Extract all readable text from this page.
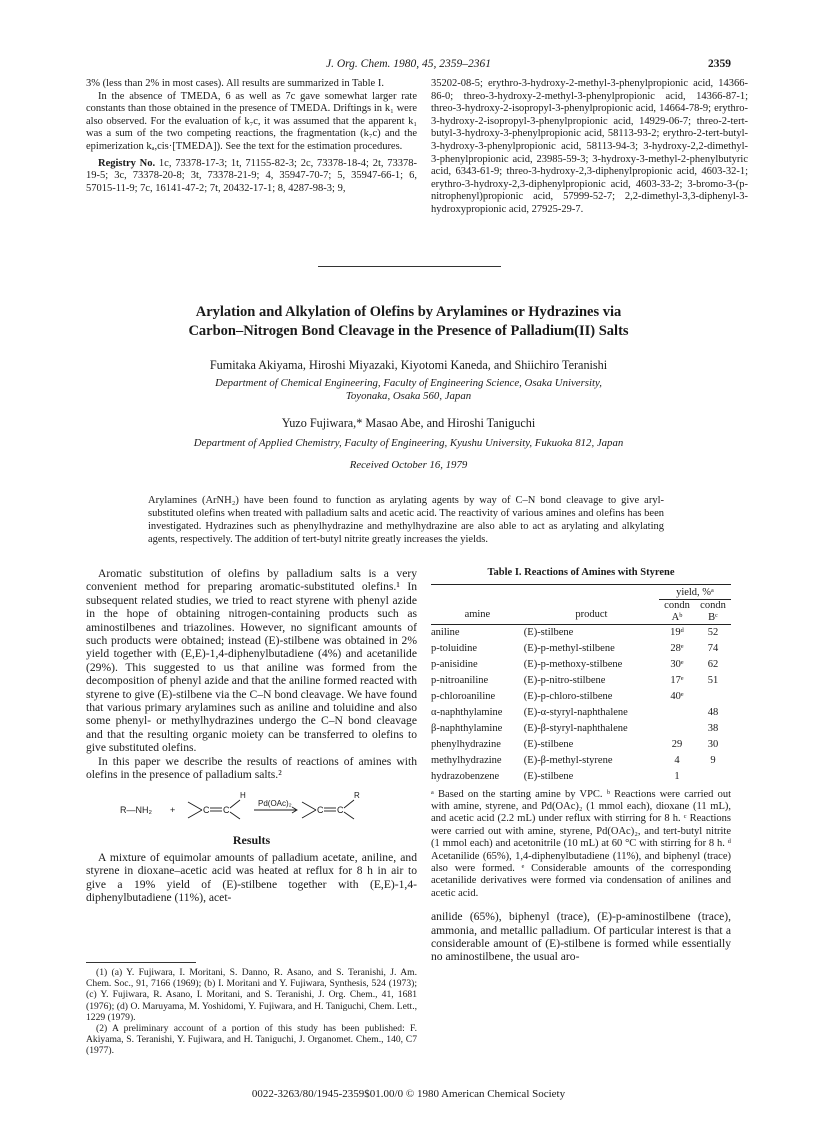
J. Org. Chem. 1980, 45, 2359–2361	2359

3% (less than 2% in most cases). All results are summarized in Table I.

In the absence of TMEDA, 6 as well as 7c gave somewhat larger rate constants than those obtained in the presence of TMEDA. Driftings in k₁ were also observed. For the evaluation of k₇c, it was assumed that the apparent k₁ was a sum of the two competing reactions, the fragmentation (k₇c) and the epimerization kₐ,cis·[TMEDA]). See the text for the estimation procedures.

Registry No. 1c, 73378-17-3; 1t, 71155-82-3; 2c, 73378-18-4; 2t, 73378-19-5; 3c, 73378-20-8; 3t, 73378-21-9; 4, 35947-70-7; 5, 35947-66-1; 6, 57015-11-9; 7c, 16141-47-2; 7t, 20432-17-1; 8, 4287-98-3; 9,

35202-08-5; erythro-3-hydroxy-2-methyl-3-phenylpropionic acid, 14366-86-0; threo-3-hydroxy-2-methyl-3-phenylpropionic acid, 14366-87-1; threo-3-hydroxy-2-isopropyl-3-phenylpropionic acid, 14664-78-9; erythro-3-hydroxy-2-isopropyl-3-phenylpropionic acid, 14929-06-7; threo-2-tert-butyl-3-hydroxy-3-phenylpropionic acid, 58113-93-2; erythro-2-tert-butyl-3-hydroxy-3-phenylpropionic acid, 58113-94-3; 3-hydroxy-2,2-dimethyl-3-phenylpropionic acid, 23985-59-3; 3-hydroxy-3-methyl-2-phenylbutyric acid, 6343-61-9; threo-3-hydroxy-2,3-diphenylpropionic acid, 4603-32-1; erythro-3-hydroxy-2,3-diphenylpropionic acid, 4603-33-2; 3-bromo-3-(p-nitrophenyl)propionic acid, 57999-52-7; 2,2-dimethyl-3,3-diphenyl-3-hydroxypropionic acid, 27925-29-7.

Arylation and Alkylation of Olefins by Arylamines or Hydrazines via
Carbon–Nitrogen Bond Cleavage in the Presence of Palladium(II) Salts
Fumitaka Akiyama, Hiroshi Miyazaki, Kiyotomi Kaneda, and Shiichiro Teranishi
Department of Chemical Engineering, Faculty of Engineering Science, Osaka University,
Toyonaka, Osaka 560, Japan
Yuzo Fujiwara,* Masao Abe, and Hiroshi Taniguchi
Department of Applied Chemistry, Faculty of Engineering, Kyushu University, Fukuoka 812, Japan
Received October 16, 1979
Arylamines (ArNH₂) have been found to function as arylating agents by way of C–N bond cleavage to give aryl-substituted olefins when treated with palladium salts and acetic acid. The reactivity of various amines and olefins has been investigated. Hydrazines such as phenylhydrazine and methylhydrazine are also able to act as arylating and alkylating agents, respectively. The addition of tert-butyl nitrite greatly increases the yields.

Aromatic substitution of olefins by palladium salts is a very convenient method for preparing aromatic-substituted olefins.¹ In subsequent related studies, we tried to react styrene with phenyl azide in the hope of obtaining nitrogen-containing products such as aminostilbenes and triazolines. However, no significant amounts of such products were obtained; instead (E)-stilbene was obtained in 2% yield together with (E,E)-1,4-diphenylbutadiene (4%) and acetanilide (29%). This suggested to us that aniline was formed from the decomposition of phenyl azide and that the aniline formed reacted with styrene to give (E)-stilbene via the C–N bond cleavage. We have found that various primary arylamines such as aniline and toluidine and also some phenyl- or methylhydrazines undergo the C–N bond cleavage and that the resulting organic moiety can be transferred to olefins to give substituted olefins.

In this paper we describe the results of reactions of amines with olefins in the presence of palladium salts.²

R—NH₂ +	C C
H
Pd(OAc)₂
C C
R
Results

A mixture of equimolar amounts of palladium acetate, aniline, and styrene in dioxane–acetic acid was heated at reflux for 8 h in air to give a 19% yield of (E)-stilbene together with (E,E)-1,4-diphenylbutadiene (11%), acet-

(1) (a) Y. Fujiwara, I. Moritani, S. Danno, R. Asano, and S. Teranishi, J. Am. Chem. Soc., 91, 7166 (1969); (b) I. Moritani and Y. Fujiwara, Synthesis, 524 (1973); (c) Y. Fujiwara, R. Asano, I. Moritani, and S. Teranishi, J. Org. Chem., 41, 1681 (1976); (d) O. Maruyama, M. Yoshidomi, Y. Fujiwara, and H. Taniguchi, Chem. Lett., 1229 (1979).

(2) A preliminary account of a portion of this study has been published: F. Akiyama, S. Teranishi, Y. Fujiwara, and H. Taniguchi, J. Organomet. Chem., 140, C7 (1977).

Table I. Reactions of Amines with Styrene
		yield, %ᵃ	
amine	product	condn Aᵇ	condn Bᶜ
aniline	(E)-stilbene	19ᵈ	52
p-toluidine	(E)-p-methyl-stilbene	28ᵉ	74
p-anisidine	(E)-p-methoxy-stilbene	30ᵉ	62
p-nitroaniline	(E)-p-nitro-stilbene	17ᵉ	51
p-chloroaniline	(E)-p-chloro-stilbene	40ᵉ	
α-naphthylamine	(E)-α-styryl-naphthalene		48
β-naphthylamine	(E)-β-styryl-naphthalene		38
phenylhydrazine	(E)-stilbene	29	30
methylhydrazine	(E)-β-methyl-styrene	4	9
hydrazobenzene	(E)-stilbene	1	
ᵃ Based on the starting amine by VPC. ᵇ Reactions were carried out with amine, styrene, and Pd(OAc)₂ (1 mmol each), dioxane (11 mL), and acetic acid (2.2 mL) under reflux with stirring for 8 h. ᶜ Reactions were carried out with amine, styrene, Pd(OAc)₂, and tert-butyl nitrite (1 mmol each) and acetonitrile (10 mL) at 60 °C with stirring for 8 h. ᵈ Acetanilide (65%), 1,4-diphenylbutadiene (11%), and biphenyl (trace) also were formed. ᵉ Considerable amounts of the corresponding acetanilide derivatives were formed via condensation of anilines and acetic acid.

anilide (65%), biphenyl (trace), (E)-p-aminostilbene (trace), ammonia, and metallic palladium. Of particular interest is that a considerable amount of (E)-stilbene is formed while essentially no aminostilbene, the usual aro-

0022-3263/80/1945-2359$01.00/0 © 1980 American Chemical Society
